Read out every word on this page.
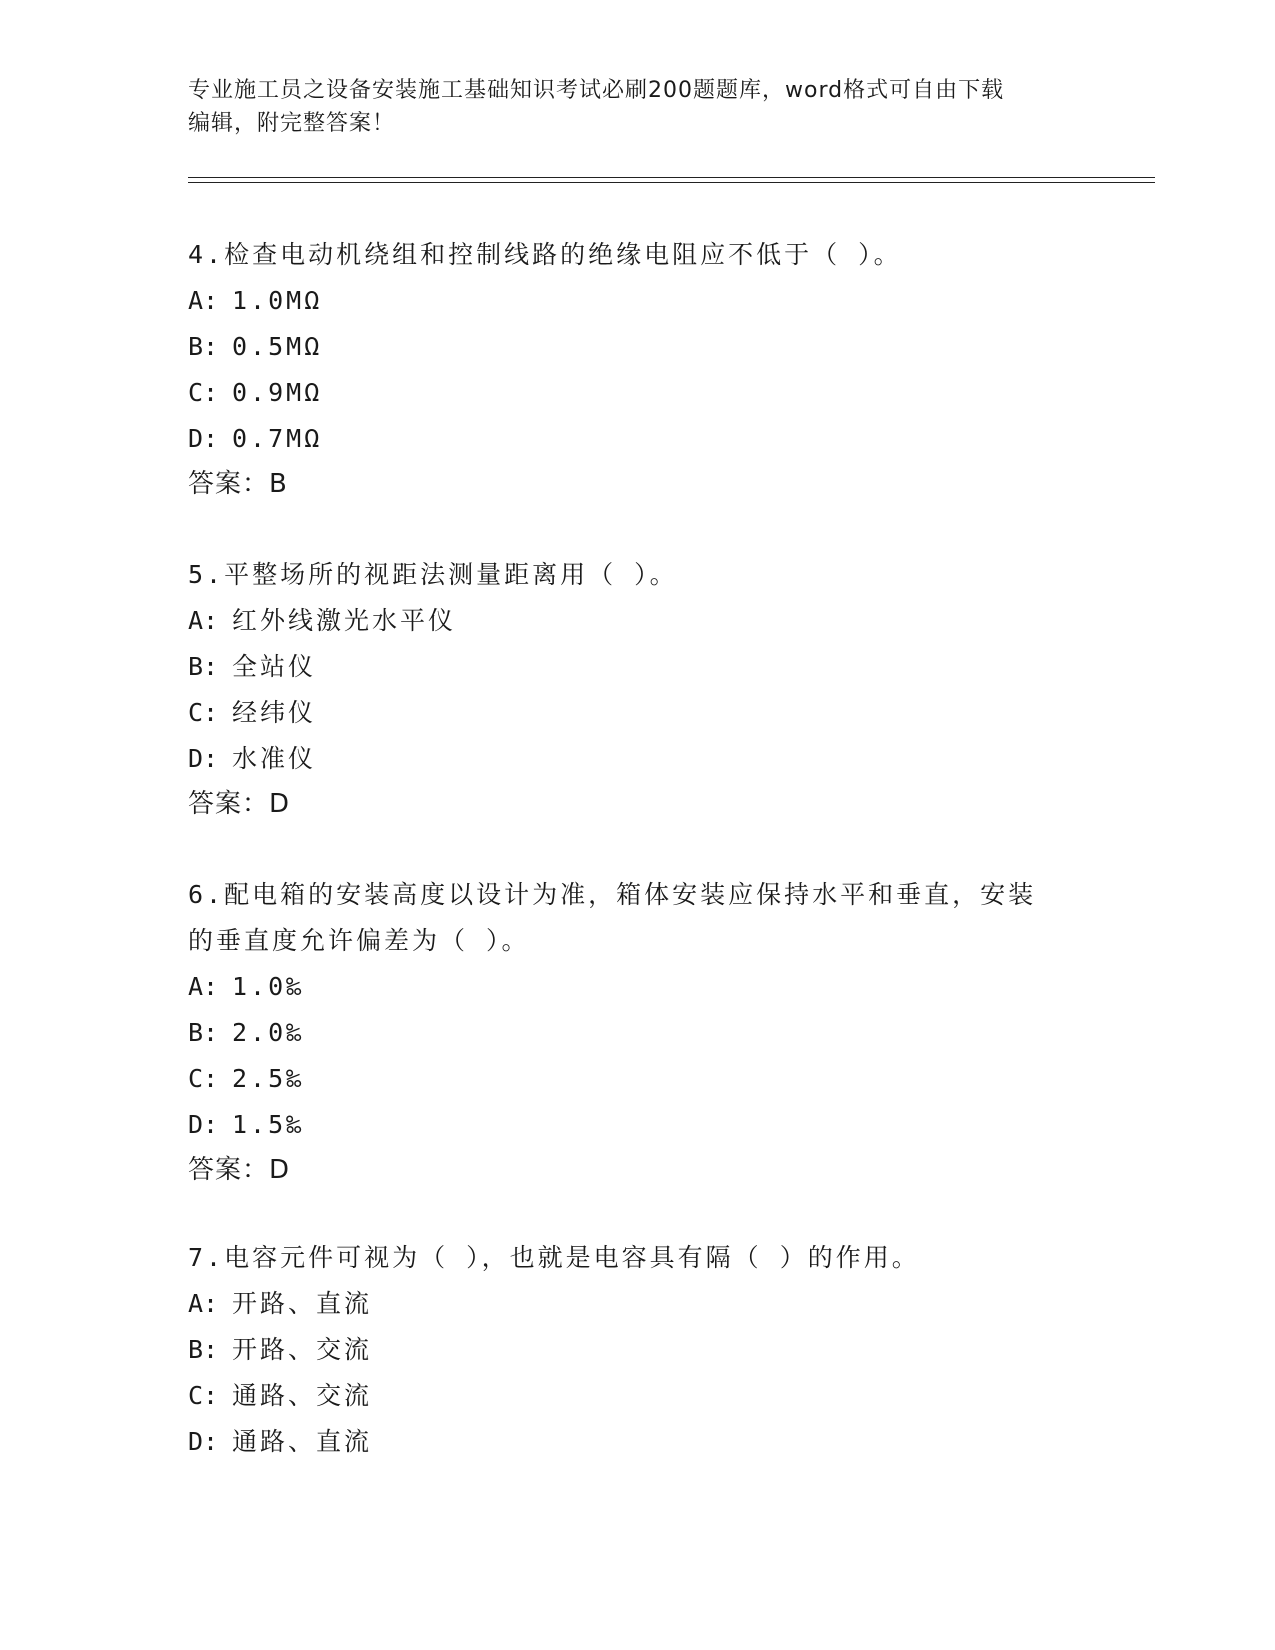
专业施工员之设备安装施工基础知识考试必刷200题题库，word格式可自由下载
编辑，附完整答案！
4.检查电动机绕组和控制线路的绝缘电阻应不低于（ ）。
A: 1.0MΩ
B: 0.5MΩ
C: 0.9MΩ
D: 0.7MΩ
答案：B
5.平整场所的视距法测量距离用（ ）。
A: 红外线激光水平仪
B: 全站仪
C: 经纬仪
D: 水准仪
答案：D
6.配电箱的安装高度以设计为准，箱体安装应保持水平和垂直，安装的垂直度允许偏差为（ ）。
A: 1.0‰
B: 2.0‰
C: 2.5‰
D: 1.5‰
答案：D
7.电容元件可视为（ ），也就是电容具有隔（ ）的作用。
A: 开路、直流
B: 开路、交流
C: 通路、交流
D: 通路、直流
